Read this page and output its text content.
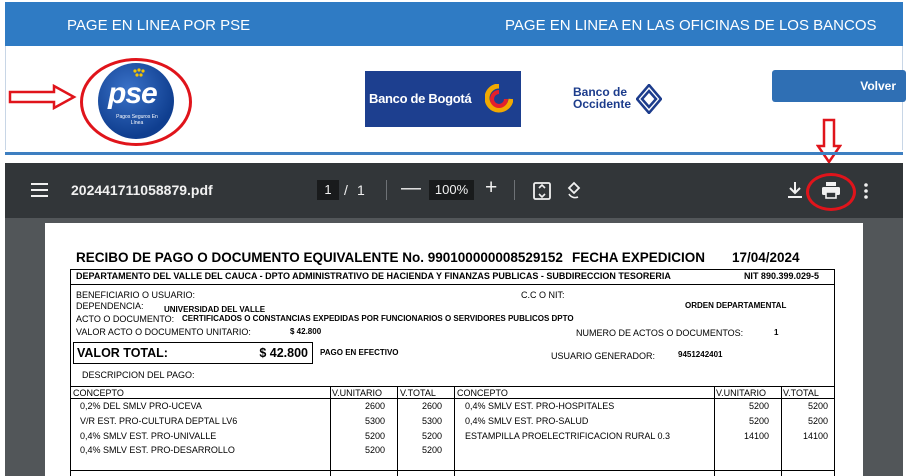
PAGE EN LINEA POR PSE	PAGE EN LINEA EN LAS OFICINAS DE LOS BANCOS
pse
Pagos Seguros En Línea
Banco de Bogotá	Banco de
Occidente
Volver
202441711058879.pdf	1 / 1 —	100% +
RECIBO DE PAGO O DOCUMENTO EQUIVALENTE No. 990100000008529152 FECHA EXPEDICION 17/04/2024
DEPARTAMENTO DEL VALLE DEL CAUCA - DPTO ADMINISTRATIVO DE HACIENDA Y FINANZAS PUBLICAS - SUBDIRECCION TESORERIA	NIT 890.399.029-5
BENEFICIARIO O USUARIO:	C.C O NIT:
DEPENDENCIA:	UNIVERSIDAD DEL VALLE	ORDEN DEPARTAMENTAL
ACTO O DOCUMENTO: CERTIFICADOS O CONSTANCIAS EXPEDIDAS POR FUNCIONARIOS O SERVIDORES PUBLICOS DPTO
VALOR ACTO O DOCUMENTO UNITARIO:	$ 42.800	NUMERO DE ACTOS O DOCUMENTOS:	1
VALOR TOTAL:	$ 42.800 PAGO EN EFECTIVO	USUARIO GENERADOR:	9451242401
DESCRIPCION DEL PAGO:
CONCEPTO	V.UNITARIO V.TOTAL CONCEPTO	V.UNITARIO V.TOTAL
0,2% DEL SMLV PRO-UCEVA	2600	2600
V/R EST. PRO-CULTURA DEPTAL LV6	5300	5300
0,4% SMLV EST. PRO-UNIVALLE	5200	5200
0,4% SMLV EST. PRO-DESARROLLO	5200	5200
0,4% SMLV EST. PRO-HOSPITALES	5200	5200
0,4% SMLV EST. PRO-SALUD	5200	5200
ESTAMPILLA PROELECTRIFICACION RURAL 0.3	14100	14100
